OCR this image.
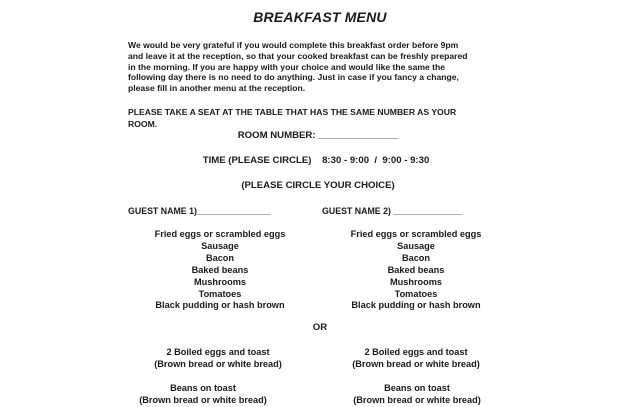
BREAKFAST MENU

We would be very grateful if you would complete this breakfast order before 9pm

and leave it at the reception, so that your cooked breakfast can be freshly prepared

in the morning. If you are happy with your choice and would like the same the

following day there is no need to do anything. Just in case if you fancy a change,

please fill in another menu at the reception.

PLEASE TAKE A SEAT AT THE TABLE THAT HAS THE SAME NUMBER AS YOUR
ROOM.
ROOM NUMBER: _______________
TIME (PLEASE CIRCLE)    8:30 - 9:00  /  9:00 - 9:30
(PLEASE CIRCLE YOUR CHOICE)
GUEST NAME 1)_______________	GUEST NAME 2) ______________
Fried eggs or scrambled eggs
Sausage
Bacon
Baked beans
Mushrooms
Tomatoes
Black pudding or hash brown
Fried eggs or scrambled eggs
Sausage
Bacon
Baked beans
Mushrooms
Tomatoes
Black pudding or hash brown
OR
2 Boiled eggs and toast
(Brown bread or white bread)
2 Boiled eggs and toast
(Brown bread or white bread)
Beans on toast
(Brown bread or white bread)
Beans on toast
(Brown bread or white bread)
